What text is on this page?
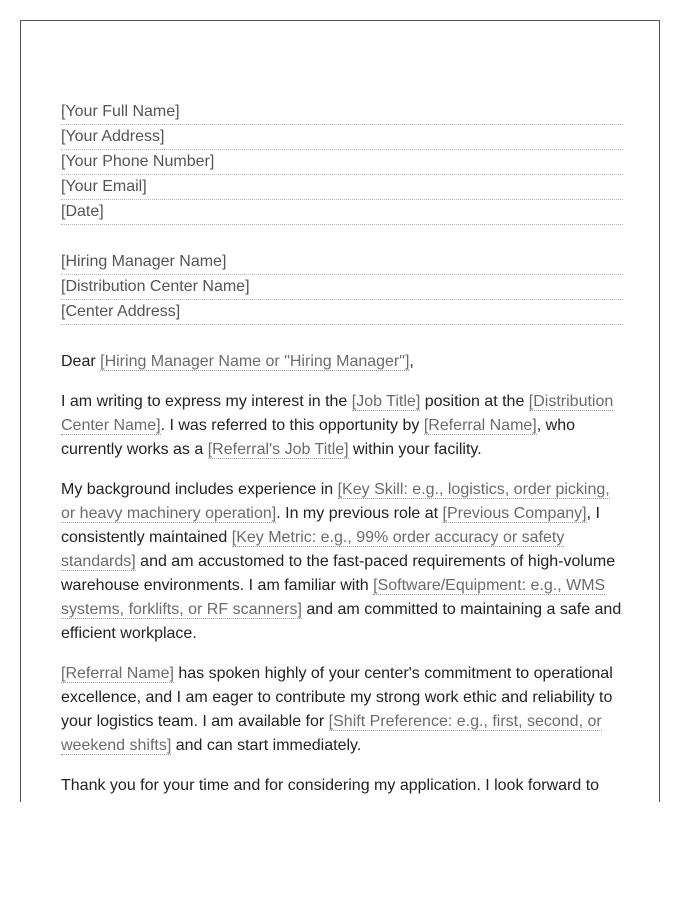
[Your Full Name]
[Your Address]
[Your Phone Number]
[Your Email]
[Date]
[Hiring Manager Name]
[Distribution Center Name]
[Center Address]
Dear [Hiring Manager Name or "Hiring Manager"],
I am writing to express my interest in the [Job Title] position at the [Distribution Center Name]. I was referred to this opportunity by [Referral Name], who currently works as a [Referral's Job Title] within your facility.
My background includes experience in [Key Skill: e.g., logistics, order picking, or heavy machinery operation]. In my previous role at [Previous Company], I consistently maintained [Key Metric: e.g., 99% order accuracy or safety standards] and am accustomed to the fast-paced requirements of high-volume warehouse environments. I am familiar with [Software/Equipment: e.g., WMS systems, forklifts, or RF scanners] and am committed to maintaining a safe and efficient workplace.
[Referral Name] has spoken highly of your center's commitment to operational excellence, and I am eager to contribute my strong work ethic and reliability to your logistics team. I am available for [Shift Preference: e.g., first, second, or weekend shifts] and can start immediately.
Thank you for your time and for considering my application. I look forward to
